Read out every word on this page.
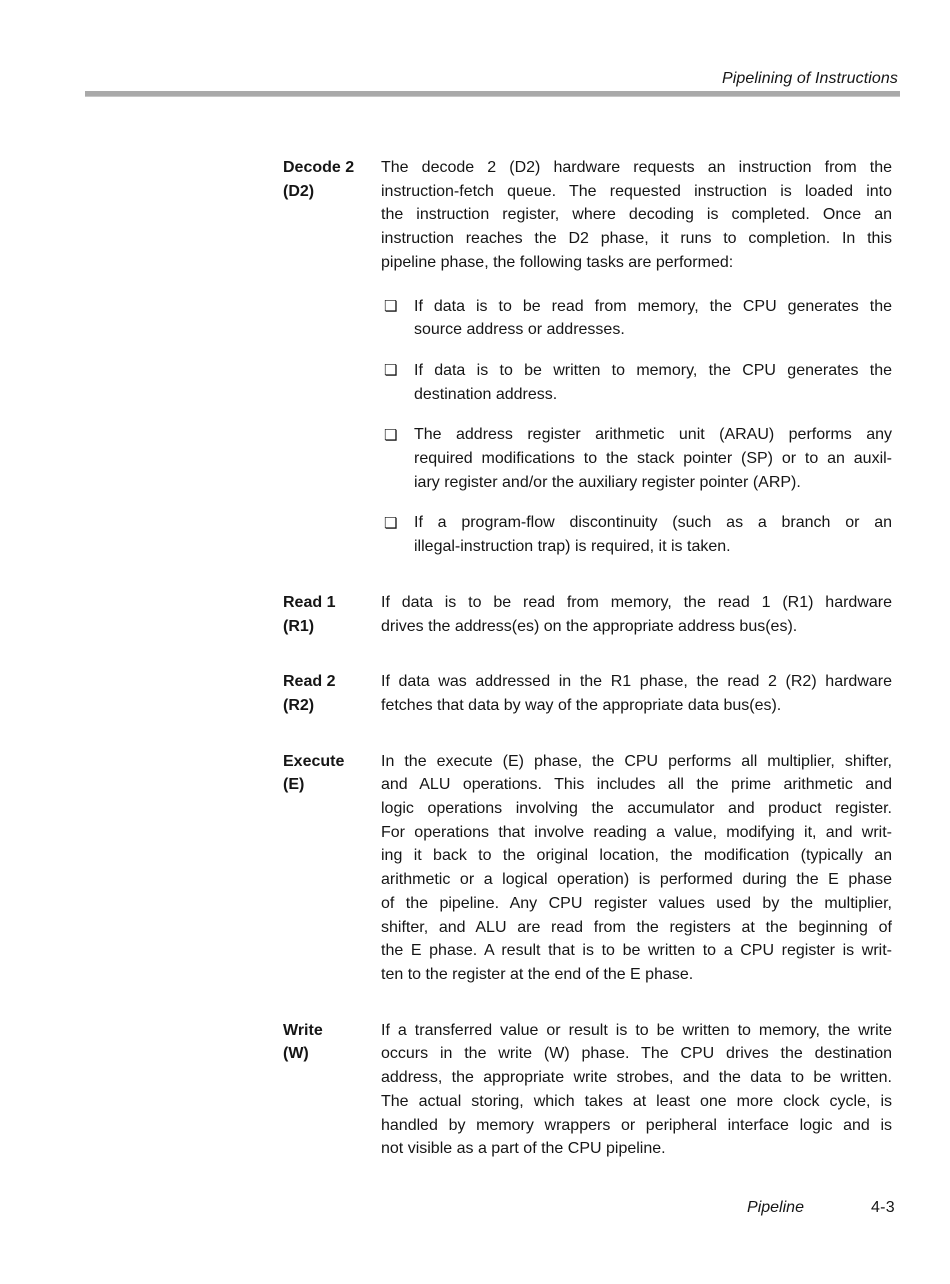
Pipelining of Instructions
Decode 2
(D2)
The decode 2 (D2) hardware requests an instruction from the
instruction-fetch queue. The requested instruction is loaded into
the instruction register, where decoding is completed. Once an
instruction reaches the D2 phase, it runs to completion. In this
pipeline phase, the following tasks are performed:
❏ If data is to be read from memory, the CPU generates the
source address or addresses.
❏ If data is to be written to memory, the CPU generates the
destination address.
❏ The address register arithmetic unit (ARAU) performs any
required modifications to the stack pointer (SP) or to an auxil-
iary register and/or the auxiliary register pointer (ARP).
❏ If a program-flow discontinuity (such as a branch or an
illegal-instruction trap) is required, it is taken.
Read 1
(R1)
If data is to be read from memory, the read 1 (R1) hardware
drives the address(es) on the appropriate address bus(es).
Read 2
(R2)
If data was addressed in the R1 phase, the read 2 (R2) hardware
fetches that data by way of the appropriate data bus(es).
Execute
(E)
In the execute (E) phase, the CPU performs all multiplier, shifter,
and ALU operations. This includes all the prime arithmetic and
logic operations involving the accumulator and product register.
For operations that involve reading a value, modifying it, and writ-
ing it back to the original location, the modification (typically an
arithmetic or a logical operation) is performed during the E phase
of the pipeline. Any CPU register values used by the multiplier,
shifter, and ALU are read from the registers at the beginning of
the E phase. A result that is to be written to a CPU register is writ-
ten to the register at the end of the E phase.
Write
(W)
If a transferred value or result is to be written to memory, the write
occurs in the write (W) phase. The CPU drives the destination
address, the appropriate write strobes, and the data to be written.
The actual storing, which takes at least one more clock cycle, is
handled by memory wrappers or peripheral interface logic and is
not visible as a part of the CPU pipeline.
Pipeline	4-3
